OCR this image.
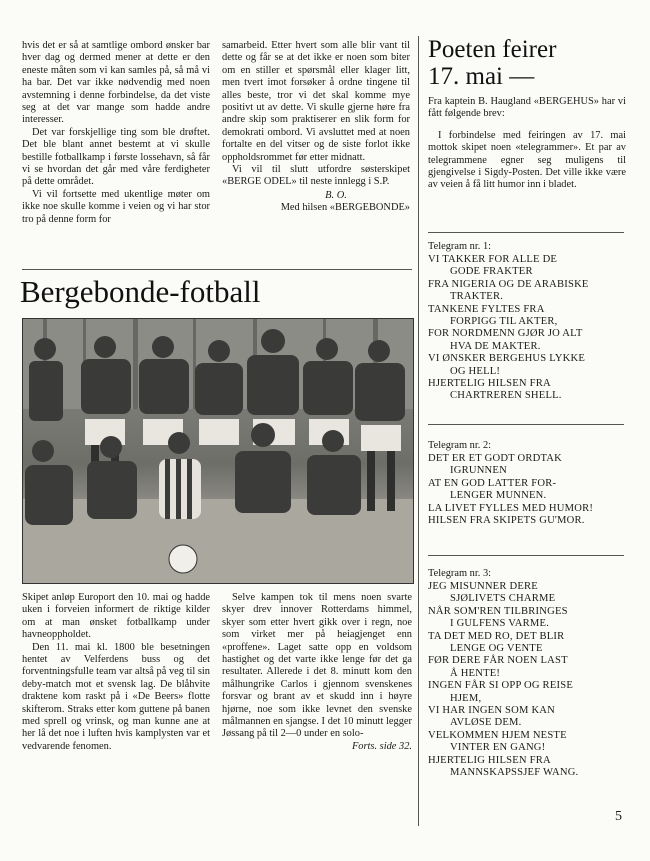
hvis det er så at samtlige ombord ønsker bar hver dag og dermed mener at dette er den eneste måten som vi kan samles på, så må vi ha bar. Det var ikke nødvendig med noen avstemning i denne forbindelse, da det viste seg at det var mange som hadde andre interesser.

Det var forskjellige ting som ble drøftet. Det ble blant annet bestemt at vi skulle bestille fotballkamp i første lossehavn, så får vi se hvordan det går med våre ferdigheter på dette området.

Vi vil fortsette med ukentlige møter om ikke noe skulle komme i veien og vi har stor tro på denne form for

samarbeid. Etter hvert som alle blir vant til dette og får se at det ikke er noen som biter om en stiller et spørsmål eller klager litt, men tvert imot forsøker å ordne tingene til alles beste, tror vi det skal komme mye positivt ut av dette. Vi skulle gjerne høre fra andre skip som praktiserer en slik form for demokrati ombord. Vi avsluttet med at noen fortalte en del vitser og de siste forlot ikke oppholdsrommet før etter midnatt.

Vi vil til slutt utfordre søsterskipet «BERGE ODEL» til neste innlegg i S.P.

B. O.

Med hilsen «BERGEBONDE»

Bergebonde-fotball

Skipet anløp Europort den 10. mai og hadde uken i forveien informert de riktige kilder om at man ønsket fotballkamp under havneoppholdet.

Den 11. mai kl. 1800 ble besetningen hentet av Velferdens buss og det forventningsfulle team var altså på veg til sin deby-match mot et svensk lag. De blåhvite draktene kom raskt på i «De Beers» flotte skifterom. Straks etter kom guttene på banen med sprell og vrinsk, og man kunne ane at her lå det noe i luften hvis kamplysten var et vedvarende fenomen.

Selve kampen tok til mens noen svarte skyer drev innover Rotterdams himmel, skyer som etter hvert gikk over i regn, noe som virket mer på heiagjenget enn «proffene». Laget satte opp en voldsom hastighet og det varte ikke lenge før det ga resultater. Allerede i det 8. minutt kom den målhungrike Carlos i gjennom svenskenes forsvar og brant av et skudd inn i høyre hjørne, noe som ikke levnet den svenske målmannen en sjangse. I det 10 minutt legger Jøssang på til 2—0 under en solo-

Forts. side 32.

Poeten feirer
17. mai —

Fra kaptein B. Haugland «BERGEHUS» har vi fått følgende brev:

I forbindelse med feiringen av 17. mai mottok skipet noen «telegrammer». Et par av telegrammene egner seg muligens til gjengivelse i Sigdy-Posten. Det ville ikke være av veien å få litt humor inn i bladet.

Telegram nr. 1:

VI TAKKER FOR ALLE DE

GODE FRAKTER

FRA NIGERIA OG DE ARABISKE

TRAKTER.

TANKENE FYLTES FRA

FORPIGG TIL AKTER,

FOR NORDMENN GJØR JO ALT

HVA DE MAKTER.

VI ØNSKER BERGEHUS LYKKE

OG HELL!

HJERTELIG HILSEN FRA

CHARTREREN SHELL.

Telegram nr. 2:

DET ER ET GODT ORDTAK

IGRUNNEN

AT EN GOD LATTER FOR-

LENGER MUNNEN.

LA LIVET FYLLES MED HUMOR!

HILSEN FRA SKIPETS GU'MOR.

Telegram nr. 3:

JEG MISUNNER DERE

SJØLIVETS CHARME

NÅR SOM'REN TILBRINGES

I GULFENS VARME.

TA DET MED RO, DET BLIR

LENGE OG VENTE

FØR DERE FÅR NOEN LAST

Å HENTE!

INGEN FÅR SI OPP OG REISE

HJEM,

VI HAR INGEN SOM KAN

AVLØSE DEM.

VELKOMMEN HJEM NESTE

VINTER EN GANG!

HJERTELIG HILSEN FRA

MANNSKAPSSJEF WANG.

5
